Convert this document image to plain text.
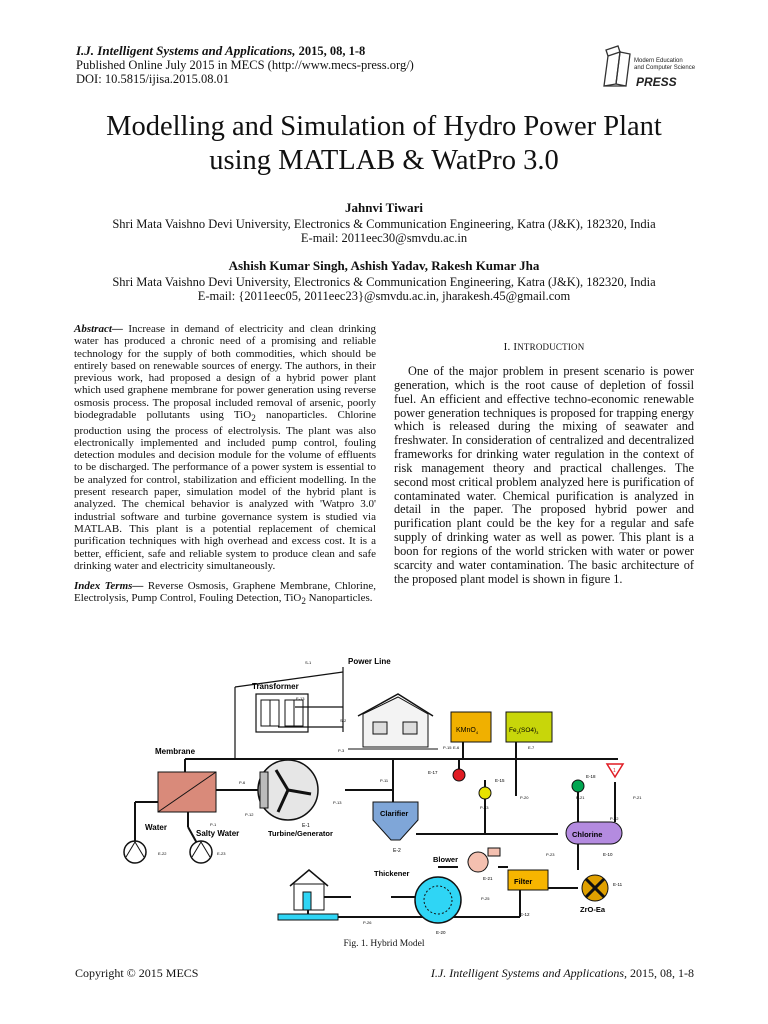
I.J. Intelligent Systems and Applications, 2015, 08, 1-8
Published Online July 2015 in MECS (http://www.mecs-press.org/)
DOI: 10.5815/ijisa.2015.08.01
Modern Education
and Computer Science
PRESS
Modelling and Simulation of Hydro Power Plant
using MATLAB & WatPro 3.0
Jahnvi Tiwari
Shri Mata Vaishno Devi University, Electronics & Communication Engineering, Katra (J&K), 182320, India
E-mail: 2011eec30@smvdu.ac.in
Ashish Kumar Singh, Ashish Yadav, Rakesh Kumar Jha
Shri Mata Vaishno Devi University, Electronics & Communication Engineering, Katra (J&K), 182320, India
E-mail: {2011eec05, 2011eec23}@smvdu.ac.in, jharakesh.45@gmail.com

Abstract— Increase in demand of electricity and clean drinking water has produced a chronic need of a promising and reliable technology for the supply of both commodities, which should be entirely based on renewable sources of energy. The authors, in their previous work, had proposed a design of a hybrid power plant which used graphene membrane for power generation using reverse osmosis process. The proposal included removal of arsenic, poorly biodegradable pollutants using TiO$_2$ nanoparticles. Chlorine production using the process of electrolysis. The plant was also electronically implemented and included pump control, fouling detection modules and decision module for the volume of effluents to be discharged. The performance of a power system is essential to be analyzed for control, stabilization and efficient modelling. In the present research paper, simulation model of the hybrid plant is analyzed. The chemical behavior is analyzed with 'Watpro 3.0' industrial software and turbine governance system is studied via MATLAB. This plant is a potential replacement of chemical purification techniques with high overhead and excess cost. It is a better, efficient, safe and reliable system to produce clean and safe drinking water and electricity simultaneously.

Index Terms— Reverse Osmosis, Graphene Membrane, Chlorine, Electrolysis, Pump Control, Fouling Detection, TiO$_2$ Nanoparticles.

I. INTRODUCTION

One of the major problem in present scenario is power generation, which is the root cause of depletion of fossil fuel. An efficient and effective techno-economic renewable power generation techniques is proposed for trapping energy which is released during the mixing of seawater and freshwater. In consideration of centralized and decentralized frameworks for drinking water regulation in the context of risk management theory and practical challenges. The second most critical problem analyzed here is purification of contaminated water. Chemical purification is analyzed in detail in the paper. The proposed hybrid power and purification plant could be the key for a regular and safe supply of drinking water as well as power. This plant is a boon for regions of the world stricken with water or power scarcity and water contamination. The basic architecture of the proposed plant model is shown in figure 1.

Power Line
S-1
S-2
Transformer
E-13
Membrane
P-6
P-12
P-13
P-3
E-1
Turbine/Generator
Water
Salty Water
E-22	E-23
P-1
KMnO$_4$	$Fe_2(SO4)_3$
E-6	E-7
P-15
E-17
E-15
E-18
1
P-13
P-20	P-21	P-21
P-11
Clarifier
E-2
Chlorine
E-10
P-22
P-23
Blower
E-21
Thickener
E-20
P-25
P-26
Filter
E-12
ZrO-Ea
E-11
Fig. 1. Hybrid Model
Copyright © 2015 MECS	I.J. Intelligent Systems and Applications, 2015, 08, 1-8
